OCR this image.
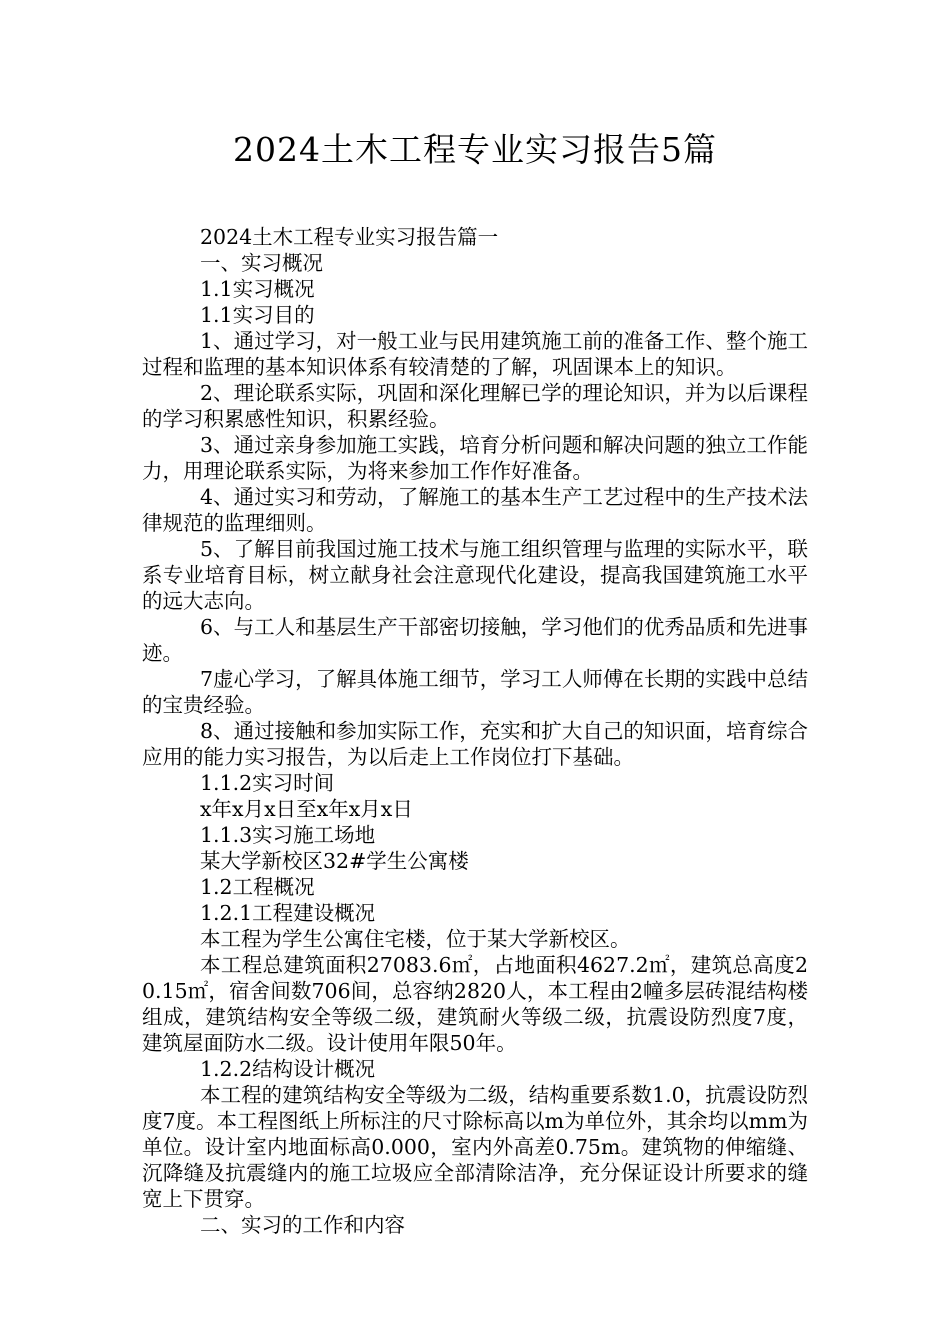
2024土木工程专业实习报告5篇

2024土木工程专业实习报告篇一

一、实习概况

1.1实习概况

1.1实习目的

1、通过学习，对一般工业与民用建筑施工前的准备工作、整个施工过程和监理的基本知识体系有较清楚的了解，巩固课本上的知识。

2、理论联系实际，巩固和深化理解已学的理论知识，并为以后课程的学习积累感性知识，积累经验。

3、通过亲身参加施工实践，培育分析问题和解决问题的独立工作能力，用理论联系实际，为将来参加工作作好准备。

4、通过实习和劳动，了解施工的基本生产工艺过程中的生产技术法律规范的监理细则。

5、了解目前我国过施工技术与施工组织管理与监理的实际水平，联系专业培育目标，树立献身社会注意现代化建设，提高我国建筑施工水平的远大志向。

6、与工人和基层生产干部密切接触，学习他们的优秀品质和先进事迹。

7虚心学习，了解具体施工细节，学习工人师傅在长期的实践中总结的宝贵经验。

8、通过接触和参加实际工作，充实和扩大自己的知识面，培育综合应用的能力实习报告，为以后走上工作岗位打下基础。

1.1.2实习时间

x年x月x日至x年x月x日

1.1.3实习施工场地

某大学新校区32#学生公寓楼

1.2工程概况

1.2.1工程建设概况

本工程为学生公寓住宅楼，位于某大学新校区。

本工程总建筑面积27083.6㎡，占地面积4627.2㎡，建筑总高度20.15㎡，宿舍间数706间，总容纳2820人，本工程由2幢多层砖混结构楼组成，建筑结构安全等级二级，建筑耐火等级二级，抗震设防烈度7度，建筑屋面防水二级。设计使用年限50年。

1.2.2结构设计概况

本工程的建筑结构安全等级为二级，结构重要系数1.0，抗震设防烈度7度。本工程图纸上所标注的尺寸除标高以m为单位外，其余均以mm为单位。设计室内地面标高0.000，室内外高差0.75m。建筑物的伸缩缝、沉降缝及抗震缝内的施工垃圾应全部清除洁净，充分保证设计所要求的缝宽上下贯穿。

二、实习的工作和内容
